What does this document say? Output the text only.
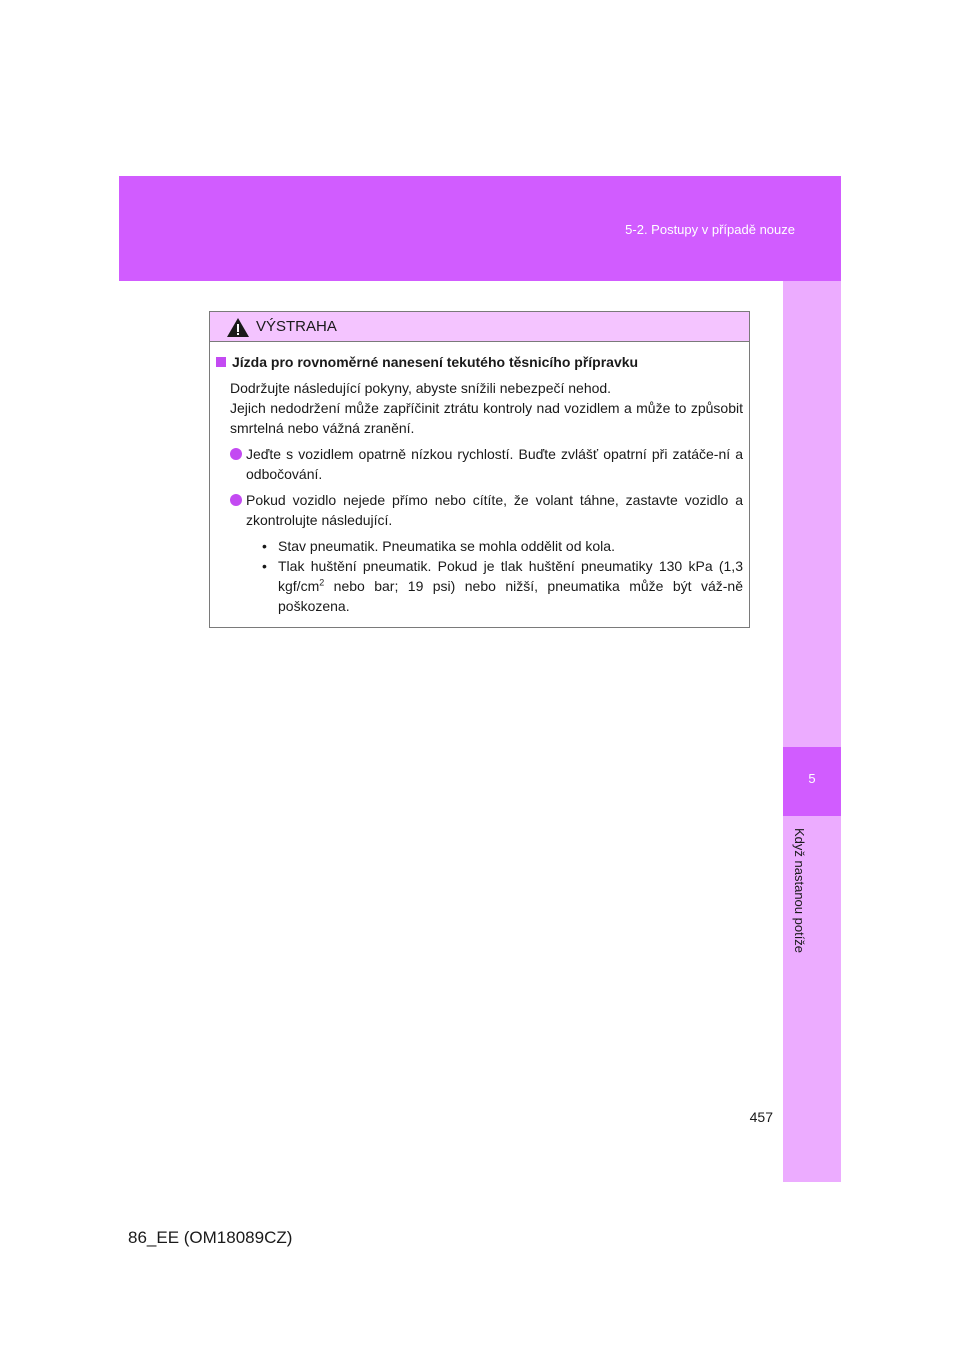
5-2. Postupy v případě nouze
5
Když nastanou potíže
VÝSTRAHA
Jízda pro rovnoměrné nanesení tekutého těsnicího přípravku

Dodržujte následující pokyny, abyste snížili nebezpečí nehod.

Jejich nedodržení může zapříčinit ztrátu kontroly nad vozidlem a může to způsobit smrtelná nebo vážná zranění.

Jeďte s vozidlem opatrně nízkou rychlostí. Buďte zvlášť opatrní při zatáče-ní a odbočování.
Pokud vozidlo nejede přímo nebo cítíte, že volant táhne, zastavte vozidlo a zkontrolujte následující.
• Stav pneumatik. Pneumatika se mohla oddělit od kola.
• Tlak huštění pneumatik. Pokud je tlak huštění pneumatiky 130 kPa (1,3 kgf/$cm^2$ nebo bar; 19 psi) nebo nižší, pneumatika může být váž-ně poškozena.
457
86_EE (OM18089CZ)
